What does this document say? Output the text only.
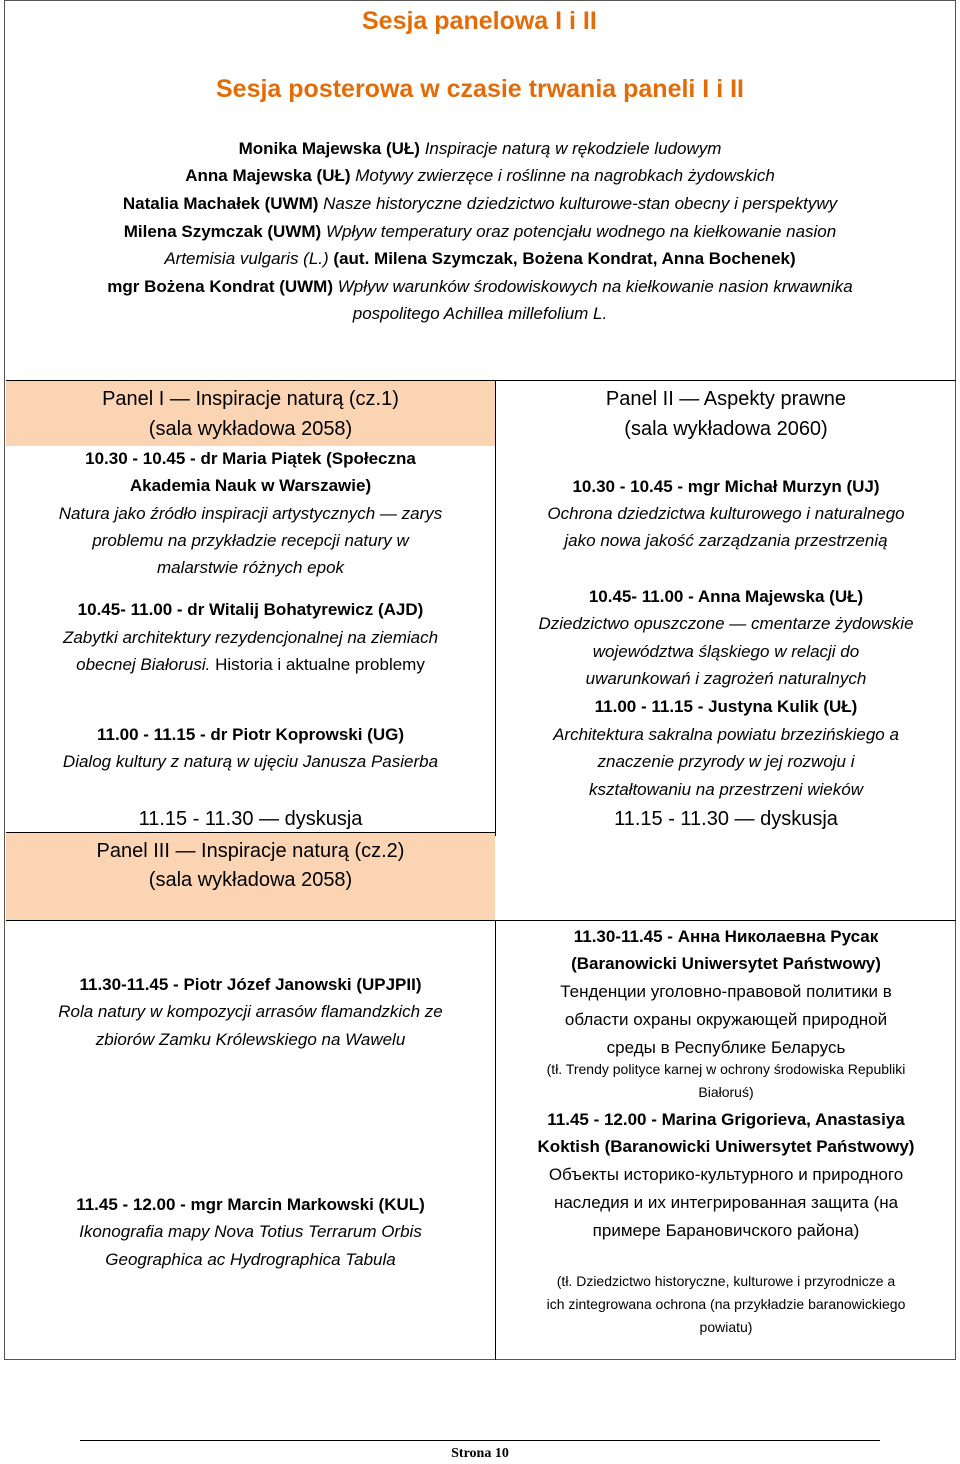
Sesja panelowa I i II
Sesja posterowa w czasie trwania paneli I i II
Monika Majewska (UŁ) Inspiracje naturą w rękodziele ludowym
Anna Majewska (UŁ) Motywy zwierzęce i roślinne na nagrobkach żydowskich
Natalia Machałek (UWM) Nasze historyczne dziedzictwo kulturowe-stan obecny i perspektywy
Milena Szymczak (UWM) Wpływ temperatury oraz potencjału wodnego na kiełkowanie nasion
Artemisia vulgaris (L.) (aut. Milena Szymczak, Bożena Kondrat, Anna Bochenek)
mgr Bożena Kondrat (UWM) Wpływ warunków środowiskowych na kiełkowanie nasion krwawnika
pospolitego Achillea millefolium L.
Panel I — Inspiracje naturą (cz.1)
(sala wykładowa 2058)
Panel II — Aspekty prawne
(sala wykładowa 2060)
10.30 - 10.45 - dr Maria Piątek (Społeczna
Akademia Nauk w Warszawie)
Natura jako źródło inspiracji artystycznych — zarys
problemu na przykładzie recepcji natury w
malarstwie różnych epok
10.45- 11.00 - dr Witalij Bohatyrewicz (AJD)
Zabytki architektury rezydencjonalnej na ziemiach
obecnej Białorusi. Historia i aktualne problemy
11.00 - 11.15 - dr Piotr Koprowski (UG)
Dialog kultury z naturą w ujęciu Janusza Pasierba
11.15 - 11.30 — dyskusja
10.30 - 10.45 - mgr Michał Murzyn (UJ)
Ochrona dziedzictwa kulturowego i naturalnego
jako nowa jakość zarządzania przestrzenią
10.45- 11.00 - Anna Majewska (UŁ)
Dziedzictwo opuszczone — cmentarze żydowskie
województwa śląskiego w relacji do
uwarunkowań i zagrożeń naturalnych
11.00 - 11.15 - Justyna Kulik (UŁ)
Architektura sakralna powiatu brzezińskiego a
znaczenie przyrody w jej rozwoju i
kształtowaniu na przestrzeni wieków
11.15 - 11.30 — dyskusja
Panel III — Inspiracje naturą (cz.2)
(sala wykładowa 2058)
11.30-11.45 - Piotr Józef Janowski (UPJPII)
Rola natury w kompozycji arrasów flamandzkich ze
zbiorów Zamku Królewskiego na Wawelu
11.45 - 12.00 - mgr Marcin Markowski (KUL)
Ikonografia mapy Nova Totius Terrarum Orbis
Geographica ac Hydrographica Tabula
11.30-11.45 - Анна Николаевна Русак
(Baranowicki Uniwersytet Państwowy)
Тенденции уголовно-правовой политики в
области охраны окружающей природной
среды в Республике Беларусь
(tł. Trendy polityce karnej w ochrony środowiska Republiki
Białoruś)
11.45 - 12.00 - Marina Grigorieva, Anastasiya
Koktish (Baranowicki Uniwersytet Państwowy)
Объекты историко-культурного и природного
наследия и их интегрированная защита (на
примере Барановичского района)
(tł. Dziedzictwo historyczne, kulturowe i przyrodnicze a
ich zintegrowana ochrona (na przykładzie baranowickiego
powiatu)
Strona 10
